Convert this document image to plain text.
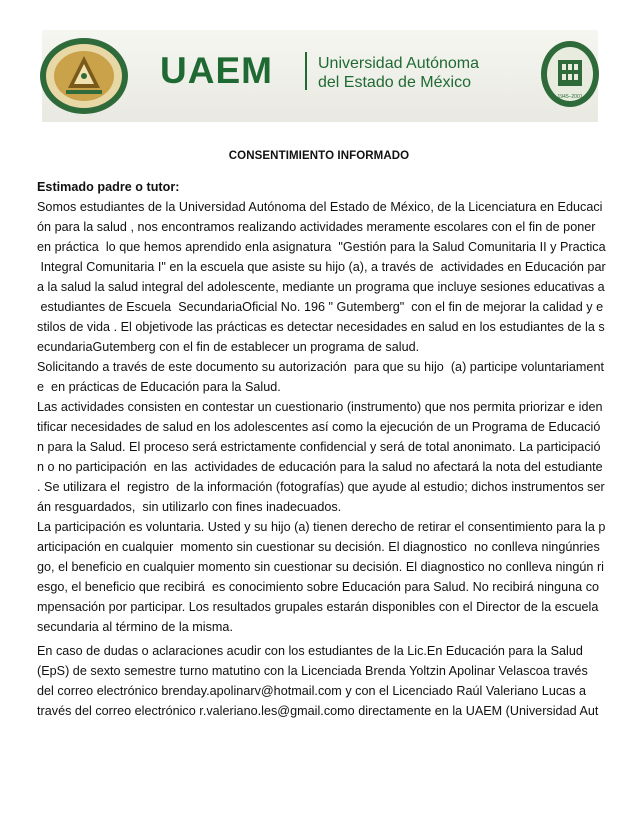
UAEM	Universidad Autónoma
del Estado de México
1945–2001
CONSENTIMIENTO INFORMADO
Estimado padre o tutor:
Somos estudiantes de la Universidad Autónoma del Estado de México, de la Licenciatura en Educaci
ón para la salud , nos encontramos realizando actividades meramente escolares con el fin de poner
en práctica  lo que hemos aprendido enla asignatura  "Gestión para la Salud Comunitaria II y Practica
Integral Comunitaria I" en la escuela que asiste su hijo (a), a través de  actividades en Educación par
a la salud la salud integral del adolescente, mediante un programa que incluye sesiones educativas a
estudiantes de Escuela  SecundariaOficial No. 196 " Gutemberg"  con el fin de mejorar la calidad y e
stilos de vida . El objetivode las prácticas es detectar necesidades en salud en los estudiantes de la s
ecundariaGutemberg con el fin de establecer un programa de salud.
Solicitando a través de este documento su autorización  para que su hijo  (a) participe voluntariament
e  en prácticas de Educación para la Salud.
Las actividades consisten en contestar un cuestionario (instrumento) que nos permita priorizar e iden
tificar necesidades de salud en los adolescentes así como la ejecución de un Programa de Educació
n para la Salud. El proceso será estrictamente confidencial y será de total anonimato. La participació
n o no participación  en las  actividades de educación para la salud no afectará la nota del estudiante
. Se utilizara el  registro  de la información (fotografías) que ayude al estudio; dichos instrumentos ser
án resguardados,  sin utilizarlo con fines inadecuados.
La participación es voluntaria. Usted y su hijo (a) tienen derecho de retirar el consentimiento para la p
articipación en cualquier  momento sin cuestionar su decisión. El diagnostico  no conlleva ningúnries
go, el beneficio en cualquier momento sin cuestionar su decisión. El diagnostico no conlleva ningún ri
esgo, el beneficio que recibirá  es conocimiento sobre Educación para Salud. No recibirá ninguna co
mpensación por participar. Los resultados grupales estarán disponibles con el Director de la escuela
secundaria al término de la misma.
En caso de dudas o aclaraciones acudir con los estudiantes de la Lic.En Educación para la Salud
(EpS) de sexto semestre turno matutino con la Licenciada Brenda Yoltzin Apolinar Velascoa través
del correo electrónico brenday.apolinarv@hotmail.com y con el Licenciado Raúl Valeriano Lucas a
través del correo electrónico r.valeriano.les@gmail.como directamente en la UAEM (Universidad Aut
